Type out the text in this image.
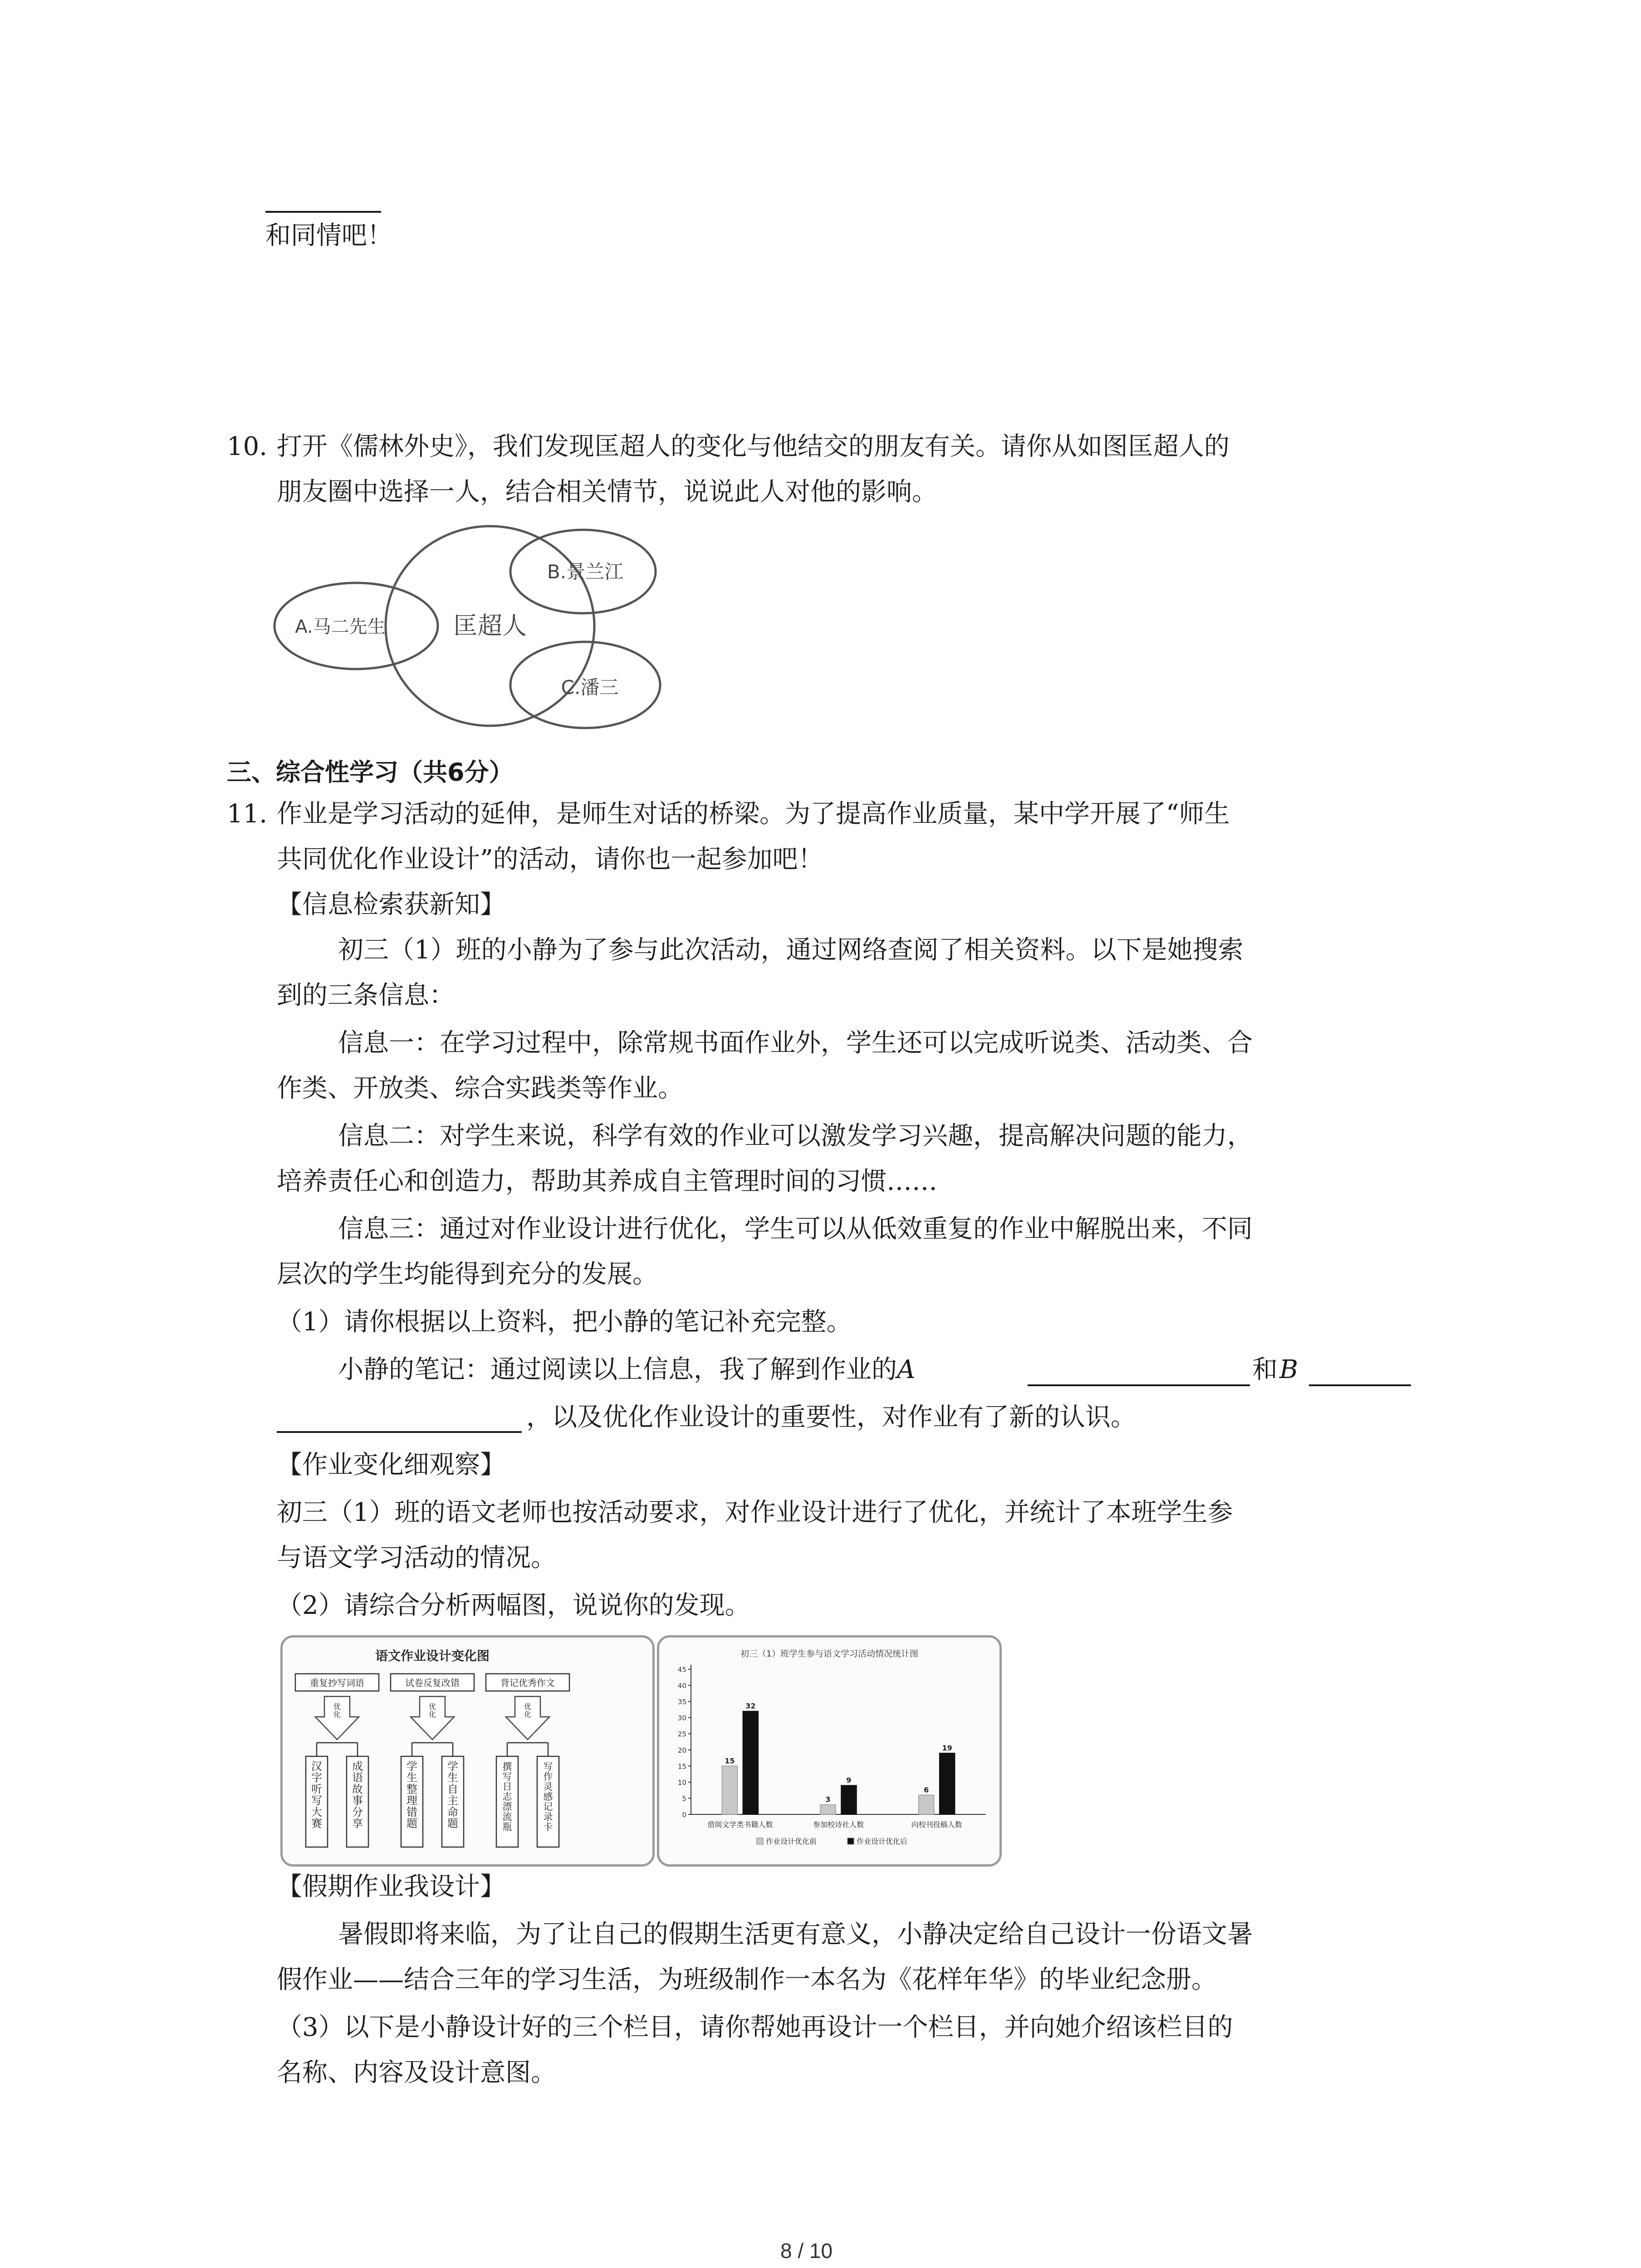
和同情吧！
10. 打开《儒林外史》，我们发现匡超人的变化与他结交的朋友有关。请你从如图匡超人的
朋友圈中选择一人，结合相关情节，说说此人对他的影响。
匡超人
A.马二先生
B.景兰江
C.潘三
三、综合性学习（共6分）
11. 作业是学习活动的延伸，是师生对话的桥梁。为了提高作业质量，某中学开展了“师生
共同优化作业设计”的活动，请你也一起参加吧！
【信息检索获新知】
初三（1）班的小静为了参与此次活动，通过网络查阅了相关资料。以下是她搜索
到的三条信息：
信息一：在学习过程中，除常规书面作业外，学生还可以完成听说类、活动类、合
作类、开放类、综合实践类等作业。
信息二：对学生来说，科学有效的作业可以激发学习兴趣，提高解决问题的能力，
培养责任心和创造力，帮助其养成自主管理时间的习惯……
信息三：通过对作业设计进行优化，学生可以从低效重复的作业中解脱出来，不同
层次的学生均能得到充分的发展。
（1）请你根据以上资料，把小静的笔记补充完整。
小静的笔记：通过阅读以上信息，我了解到作业的A	和 B
，以及优化作业设计的重要性，对作业有了新的认识。
【作业变化细观察】
初三（1）班的语文老师也按活动要求，对作业设计进行了优化，并统计了本班学生参
与语文学习活动的情况。
（2）请综合分析两幅图，说说你的发现。
语文作业设计变化图
重复抄写词语
优化
汉字听写大赛
成语故事分享
试卷反复改错
优化
学生整理错题
学生自主命题
背记优秀作文
优化
撰写日志漂流瓶
写作灵感记录卡
初三（1）班学生参与语文学习活动情况统计图
0
5
10
15
20
25
30
35
40
45
15
32
借阅文学类书籍人数
3
9
参加校诗社人数
6
19
向校刊投稿人数
作业设计优化前	作业设计优化后
【假期作业我设计】
暑假即将来临，为了让自己的假期生活更有意义，小静决定给自己设计一份语文暑
假作业——结合三年的学习生活，为班级制作一本名为《花样年华》的毕业纪念册。
（3）以下是小静设计好的三个栏目，请你帮她再设计一个栏目，并向她介绍该栏目的
名称、内容及设计意图。
8 / 10
